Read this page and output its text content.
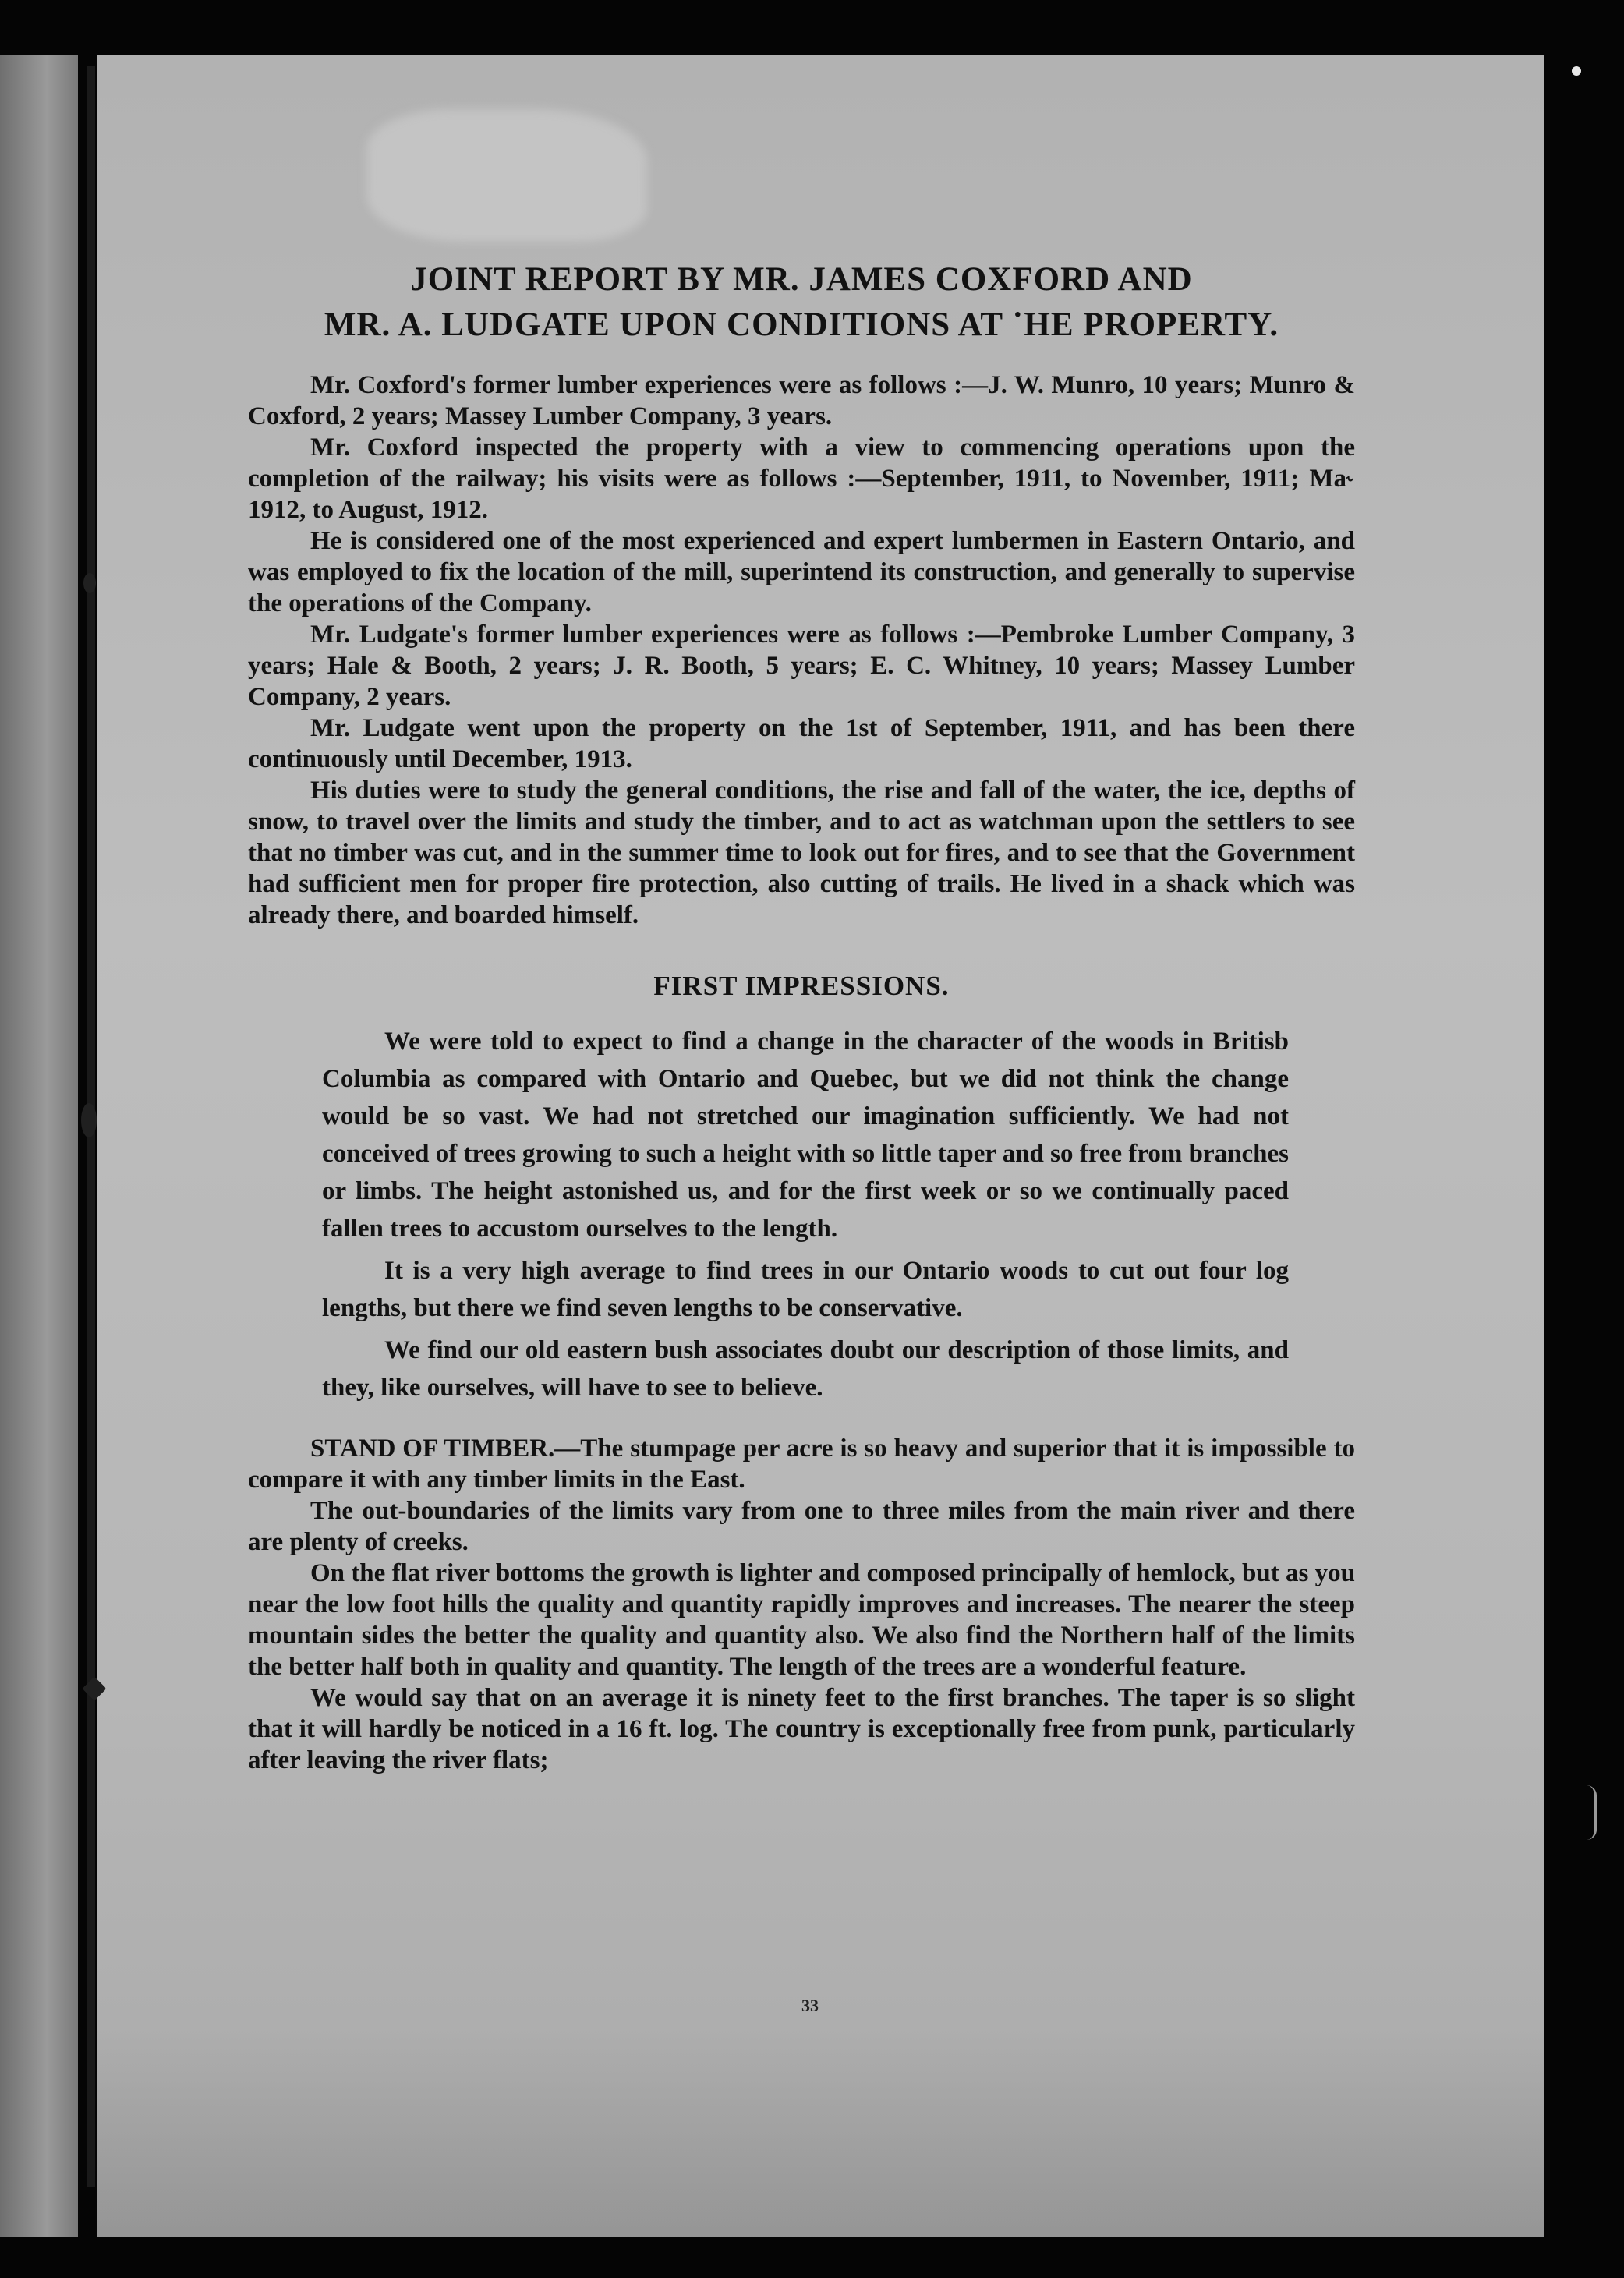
JOINT REPORT BY MR. JAMES COXFORD AND
MR. A. LUDGATE UPON CONDITIONS AT ˙HE PROPERTY.

Mr. Coxford's former lumber experiences were as follows :—J. W. Munro, 10 years; Munro & Coxford, 2 years; Massey Lumber Company, 3 years.

Mr. Coxford inspected the property with a view to commencing operations upon the completion of the railway; his visits were as follows :—September, 1911, to November, 1911; Ma˞ 1912, to August, 1912.

He is considered one of the most experienced and expert lumbermen in Eastern Ontario, and was employed to fix the location of the mill, superintend its construction, and generally to supervise the operations of the Company.

Mr. Ludgate's former lumber experiences were as follows :—Pembroke Lumber Company, 3 years; Hale & Booth, 2 years; J. R. Booth, 5 years; E. C. Whitney, 10 years; Massey Lumber Company, 2 years.

Mr. Ludgate went upon the property on the 1st of September, 1911, and has been there continuously until December, 1913.

His duties were to study the general conditions, the rise and fall of the water, the ice, depths of snow, to travel over the limits and study the timber, and to act as watchman upon the settlers to see that no timber was cut, and in the summer time to look out for fires, and to see that the Government had sufficient men for proper fire protection, also cutting of trails. He lived in a shack which was already there, and boarded himself.

FIRST IMPRESSIONS.

We were told to expect to find a change in the character of the woods in Britisb Columbia as compared with Ontario and Quebec, but we did not think the change would be so vast. We had not stretched our imagination sufficiently. We had not conceived of trees growing to such a height with so little taper and so free from branches or limbs. The height astonished us, and for the first week or so we continually paced fallen trees to accustom ourselves to the length.

It is a very high average to find trees in our Ontario woods to cut out four log lengths, but there we find seven lengths to be conservative.

We find our old eastern bush associates doubt our description of those limits, and they, like ourselves, will have to see to believe.

STAND OF TIMBER.—The stumpage per acre is so heavy and superior that it is impossible to compare it with any timber limits in the East.

The out-boundaries of the limits vary from one to three miles from the main river and there are plenty of creeks.

On the flat river bottoms the growth is lighter and composed principally of hemlock, but as you near the low foot hills the quality and quantity rapidly improves and increases. The nearer the steep mountain sides the better the quality and quantity also. We also find the Northern half of the limits the better half both in quality and quantity. The length of the trees are a wonderful feature.

We would say that on an average it is ninety feet to the first branches. The taper is so slight that it will hardly be noticed in a 16 ft. log. The country is exceptionally free from punk, particularly after leaving the river flats;

33
